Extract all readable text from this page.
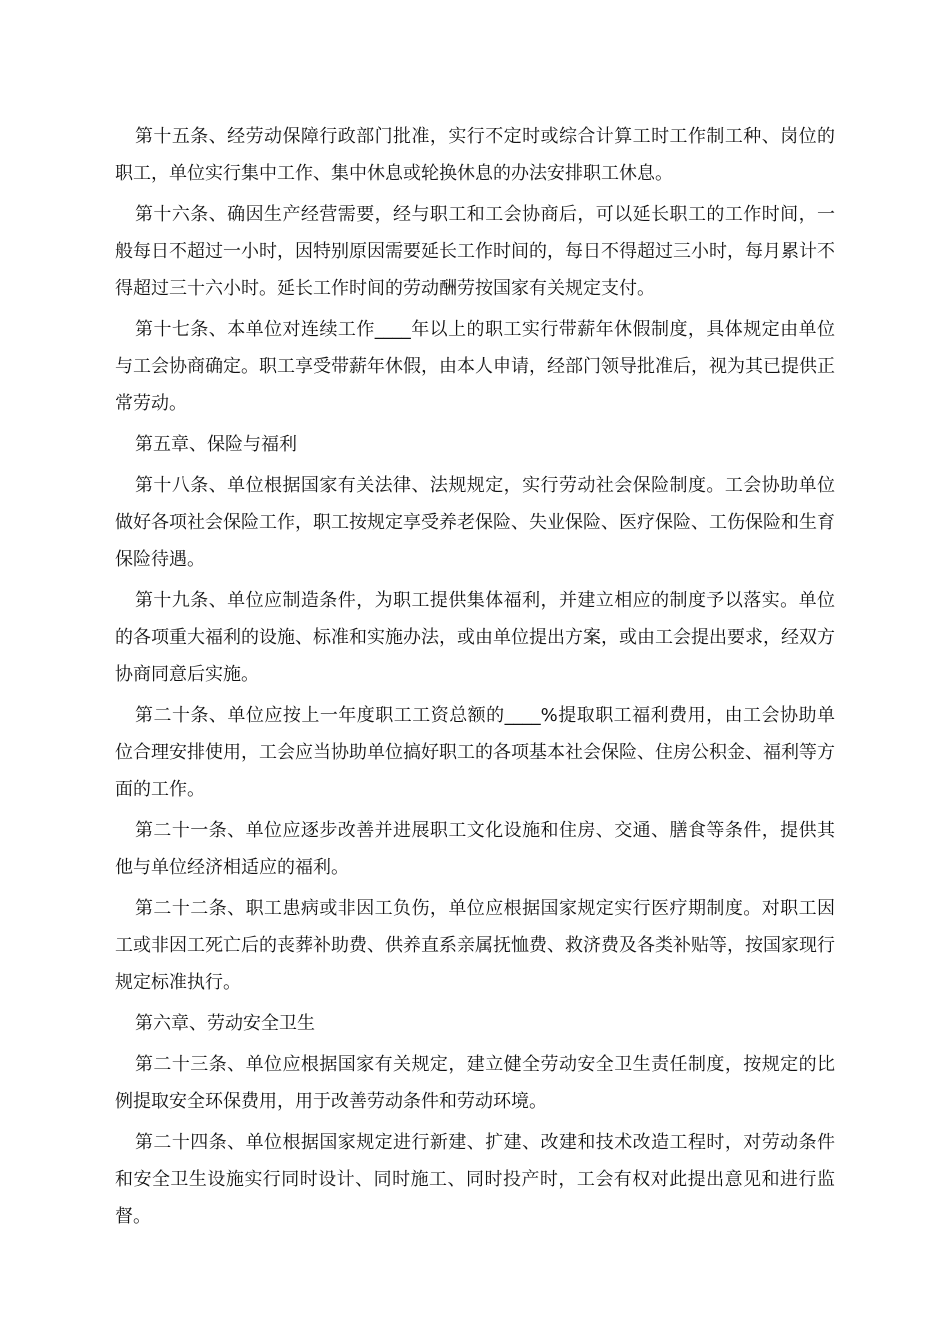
第十五条、经劳动保障行政部门批准，实行不定时或综合计算工时工作制工种、岗位的职工，单位实行集中工作、集中休息或轮换休息的办法安排职工休息。

第十六条、确因生产经营需要，经与职工和工会协商后，可以延长职工的工作时间，一般每日不超过一小时，因特别原因需要延长工作时间的，每日不得超过三小时，每月累计不得超过三十六小时。延长工作时间的劳动酬劳按国家有关规定支付。

第十七条、本单位对连续工作____年以上的职工实行带薪年休假制度，具体规定由单位与工会协商确定。职工享受带薪年休假，由本人申请，经部门领导批准后，视为其已提供正常劳动。

第五章、保险与福利

第十八条、单位根据国家有关法律、法规规定，实行劳动社会保险制度。工会协助单位做好各项社会保险工作，职工按规定享受养老保险、失业保险、医疗保险、工伤保险和生育保险待遇。

第十九条、单位应制造条件，为职工提供集体福利，并建立相应的制度予以落实。单位的各项重大福利的设施、标准和实施办法，或由单位提出方案，或由工会提出要求，经双方协商同意后实施。

第二十条、单位应按上一年度职工工资总额的____%提取职工福利费用，由工会协助单位合理安排使用，工会应当协助单位搞好职工的各项基本社会保险、住房公积金、福利等方面的工作。

第二十一条、单位应逐步改善并进展职工文化设施和住房、交通、膳食等条件，提供其他与单位经济相适应的福利。

第二十二条、职工患病或非因工负伤，单位应根据国家规定实行医疗期制度。对职工因工或非因工死亡后的丧葬补助费、供养直系亲属抚恤费、救济费及各类补贴等，按国家现行规定标准执行。

第六章、劳动安全卫生

第二十三条、单位应根据国家有关规定，建立健全劳动安全卫生责任制度，按规定的比例提取安全环保费用，用于改善劳动条件和劳动环境。

第二十四条、单位根据国家规定进行新建、扩建、改建和技术改造工程时，对劳动条件和安全卫生设施实行同时设计、同时施工、同时投产时，工会有权对此提出意见和进行监督。
